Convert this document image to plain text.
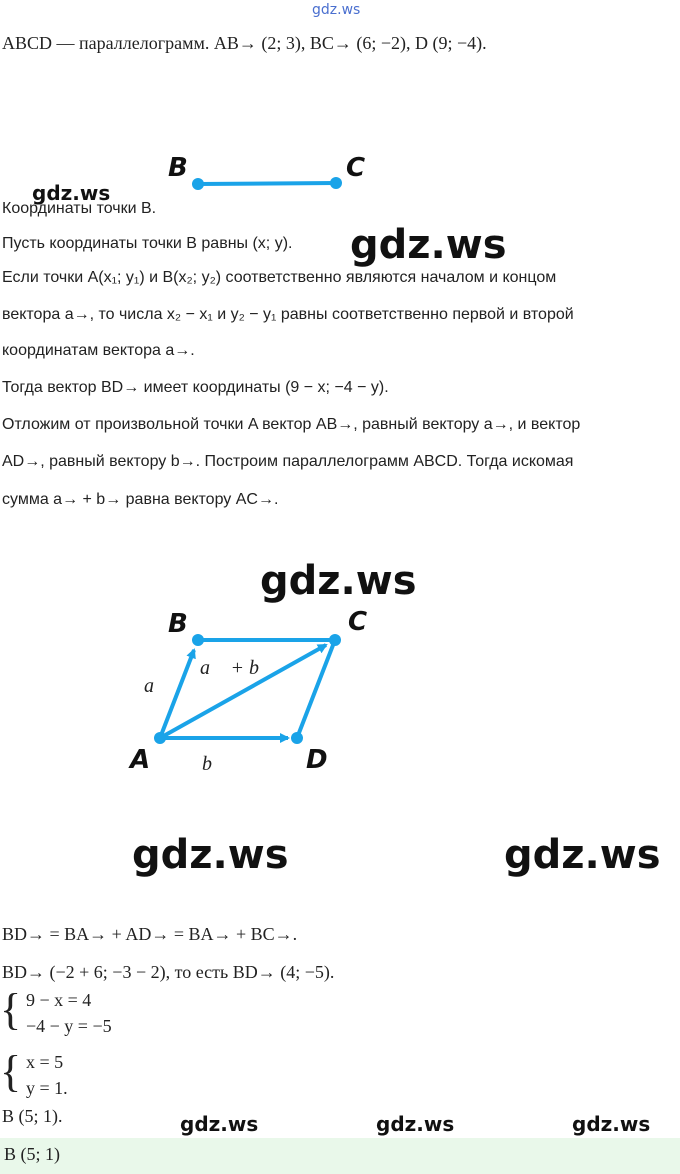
gdz.ws
ABCD — параллелограмм. AB→ (2; 3), BC→ (6; −2), D (9; −4).
B	C
gdz.ws
Координаты точки B.
Пусть координаты точки B равны (x; y). gdz.ws
Если точки A(x₁; y₁) и B(x₂; y₂) соответственно являются началом и концом
вектора a→, то числа x₂ − x₁ и y₂ − y₁ равны соответственно первой и второй
координатам вектора a→.
Тогда вектор BD→ имеет координаты (9 − x; −4 − y).
Отложим от произвольной точки A вектор AB→, равный вектору a→, и вектор
AD→, равный вектору b→. Построим параллелограмм ABCD. Тогда искомая
сумма a→ + b→ равна вектору AC→.
gdz.ws
A
B	C
D
a⃗
a⃗ + b⃗
b⃗
gdz.ws	gdz.ws
BD→ = BA→ + AD→ = BA→ + BC→.
BD→ (−2 + 6; −3 − 2), то есть BD→ (4; −5).
{ 9 − x = 4
−4 − y = −5
{ x = 5
y = 1.
B (5; 1).	gdz.ws	gdz.ws	gdz.ws
B (5; 1)
